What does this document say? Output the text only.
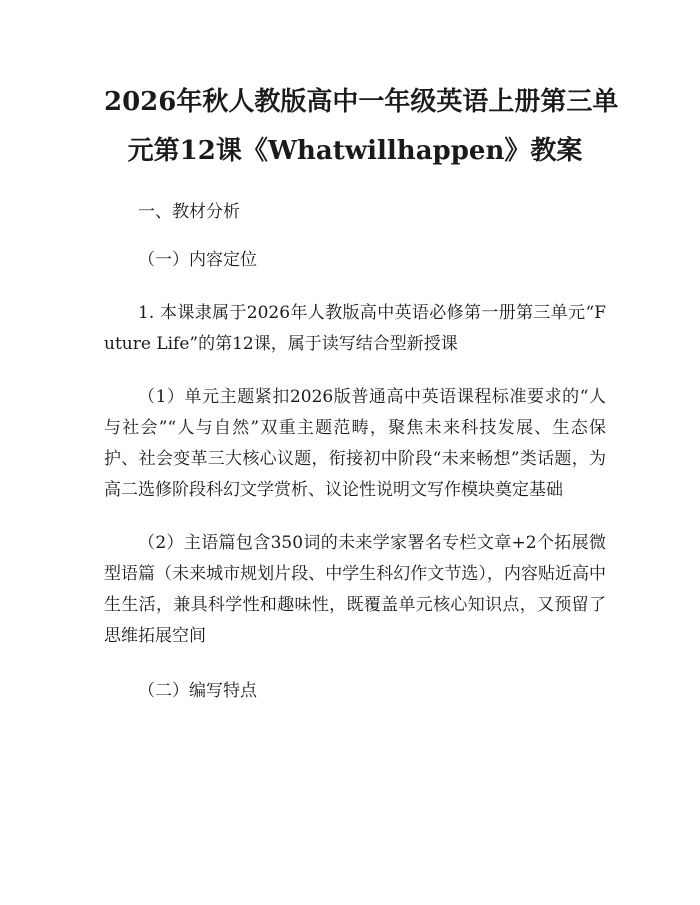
2026年秋人教版高中一年级英语上册第三单
元第12课《Whatwillhappen》教案
一、教材分析
（一）内容定位

1. 本课隶属于2026年人教版高中英语必修第一册第三单元“Future Life”的第12课，属于读写结合型新授课

（1）单元主题紧扣2026版普通高中英语课程标准要求的“人与社会”“人与自然”双重主题范畴，聚焦未来科技发展、生态保护、社会变革三大核心议题，衔接初中阶段“未来畅想”类话题，为高二选修阶段科幻文学赏析、议论性说明文写作模块奠定基础

（2）主语篇包含350词的未来学家署名专栏文章+2个拓展微型语篇（未来城市规划片段、中学生科幻作文节选），内容贴近高中生生活，兼具科学性和趣味性，既覆盖单元核心知识点，又预留了思维拓展空间

（二）编写特点
